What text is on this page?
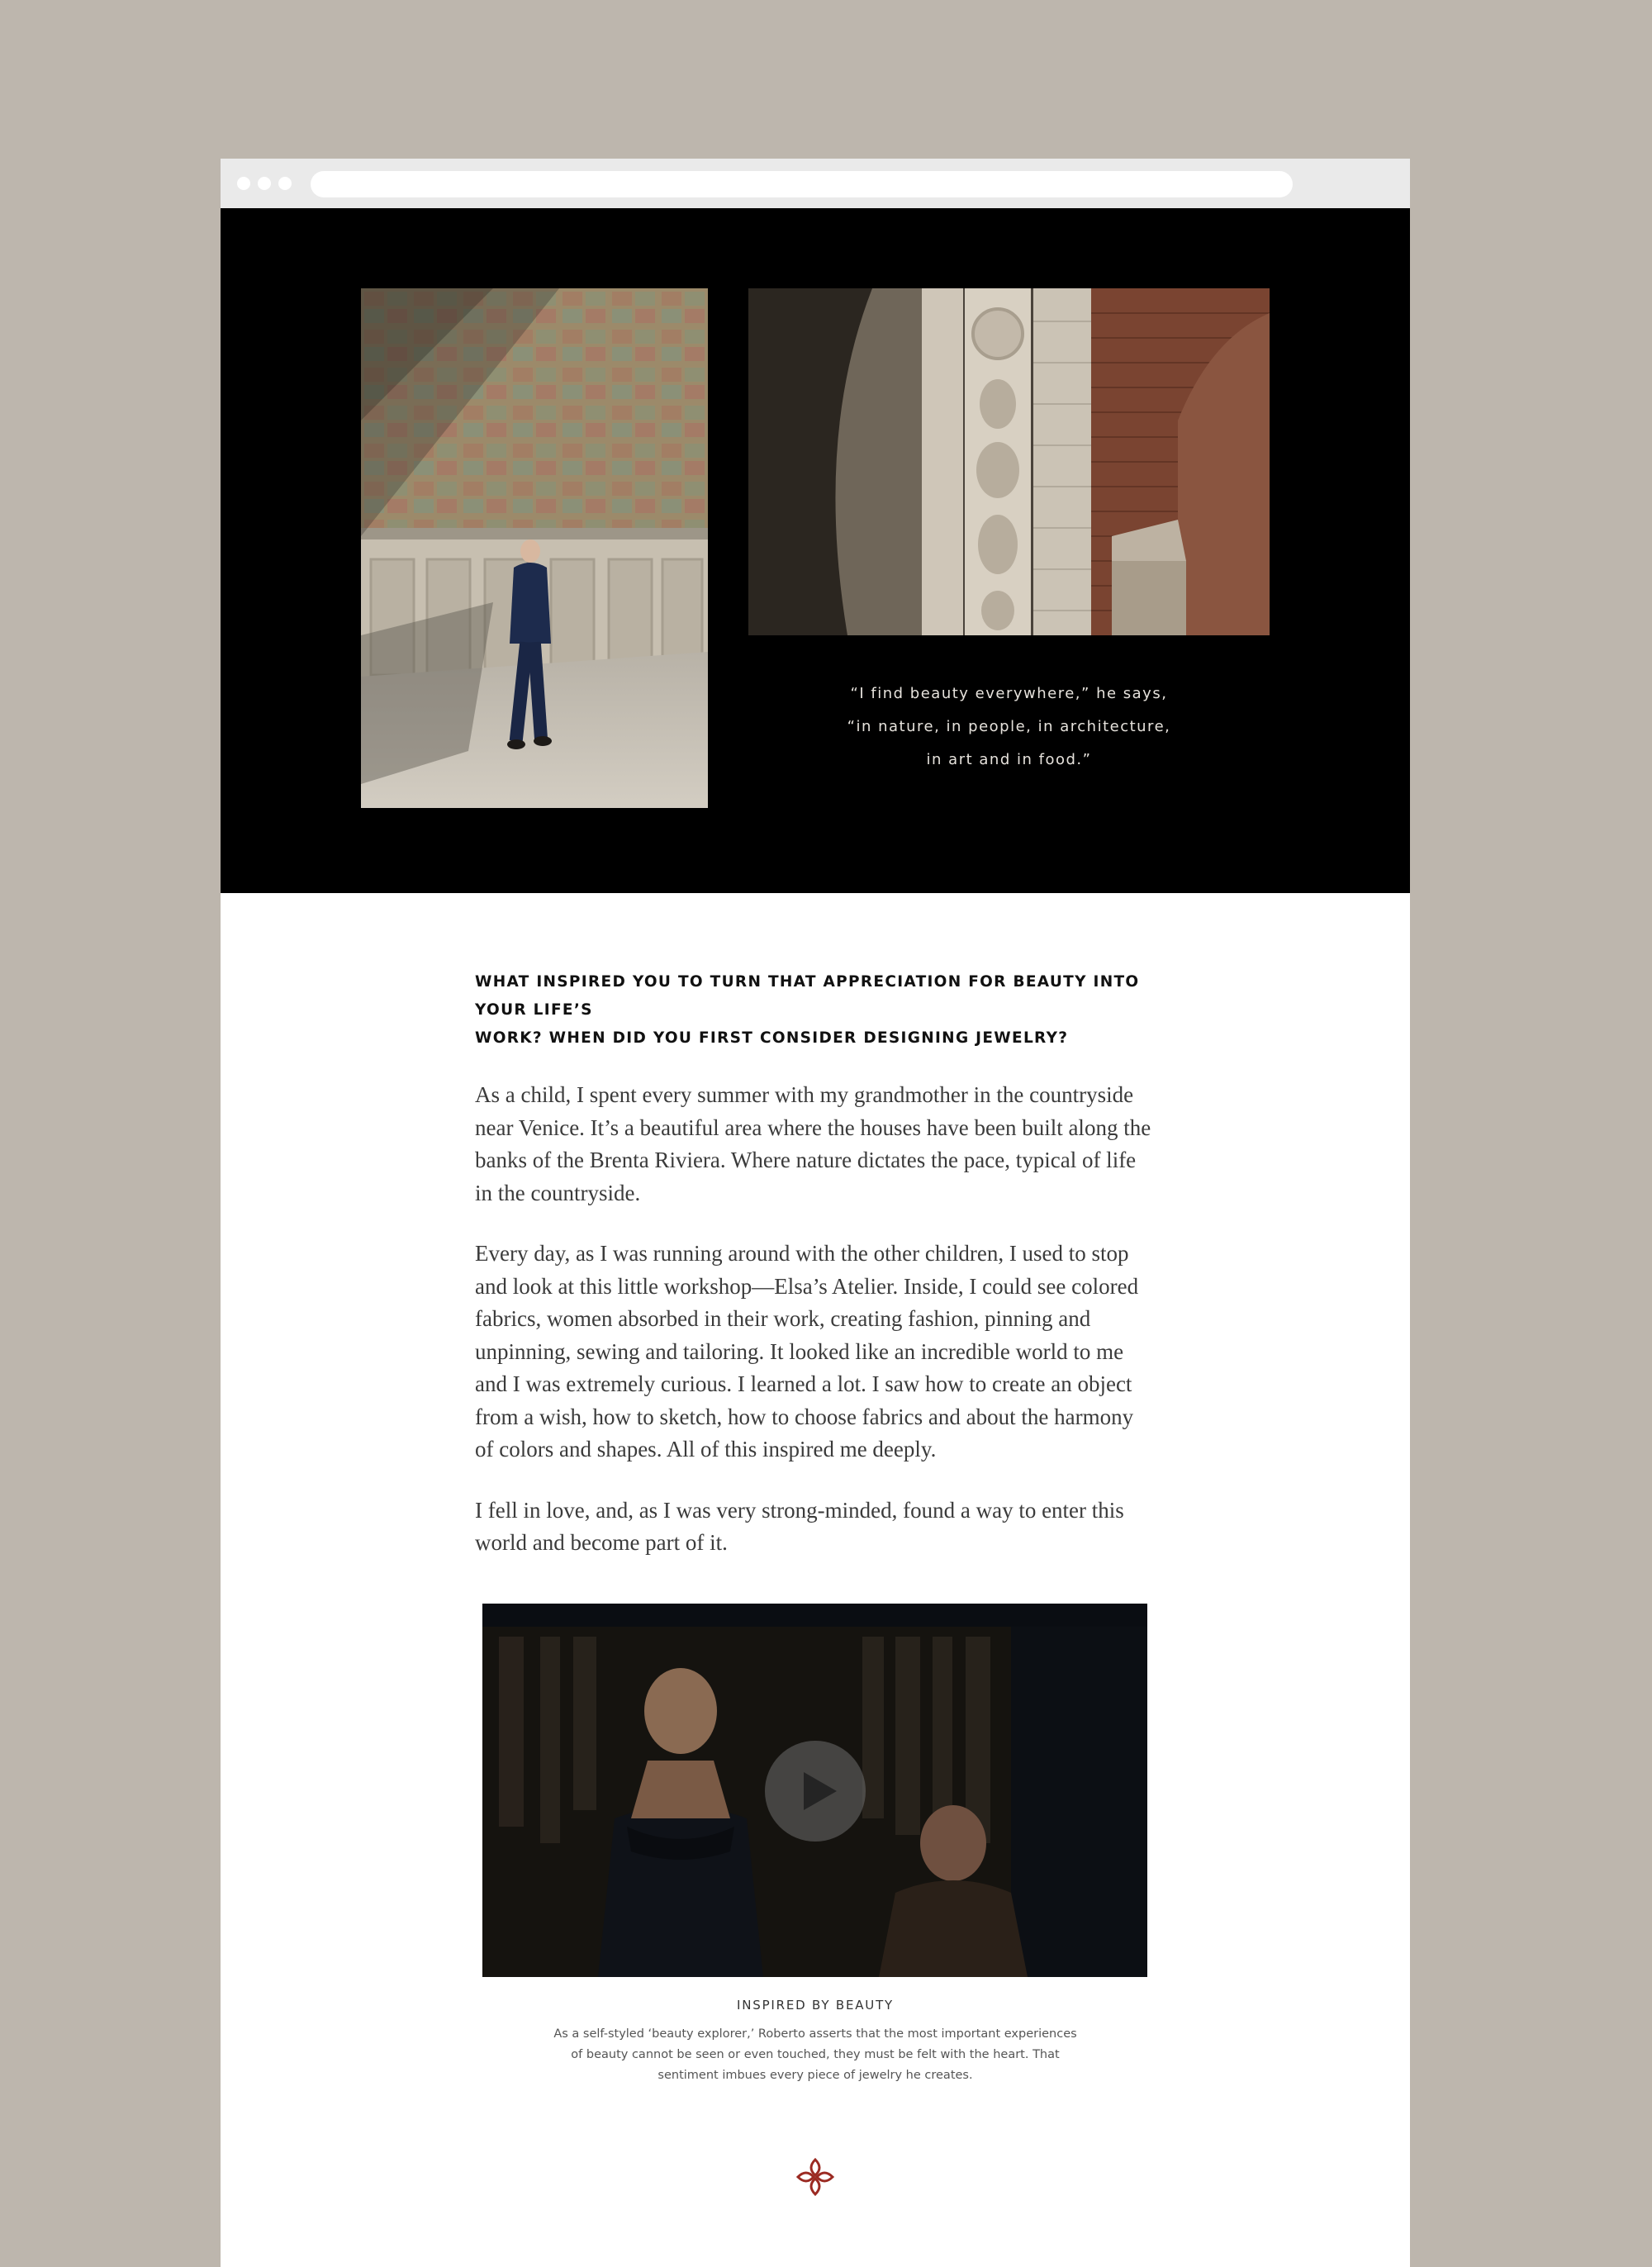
“I find beauty everywhere,” he says,

“in nature, in people, in architecture,

in art and in food.”

WHAT INSPIRED YOU TO TURN THAT APPRECIATION FOR BEAUTY INTO YOUR LIFE’S

WORK? WHEN DID YOU FIRST CONSIDER DESIGNING JEWELRY?

As a child, I spent every summer with my grandmother in the countryside

near Venice. It’s a beautiful area where the houses have been built along the

banks of the Brenta Riviera. Where nature dictates the pace, typical of life

in the countryside.

Every day, as I was running around with the other children, I used to stop

and look at this little workshop—Elsa’s Atelier. Inside, I could see colored

fabrics, women absorbed in their work, creating fashion, pinning and

unpinning, sewing and tailoring. It looked like an incredible world to me

and I was extremely curious. I learned a lot. I saw how to create an object

from a wish, how to sketch, how to choose fabrics and about the harmony

of colors and shapes. All of this inspired me deeply.

I fell in love, and, as I was very strong-minded, found a way to enter this

world and become part of it.

INSPIRED BY BEAUTY

As a self-styled ‘beauty explorer,’ Roberto asserts that the most important experiences

of beauty cannot be seen or even touched, they must be felt with the heart. That

sentiment imbues every piece of jewelry he creates.
